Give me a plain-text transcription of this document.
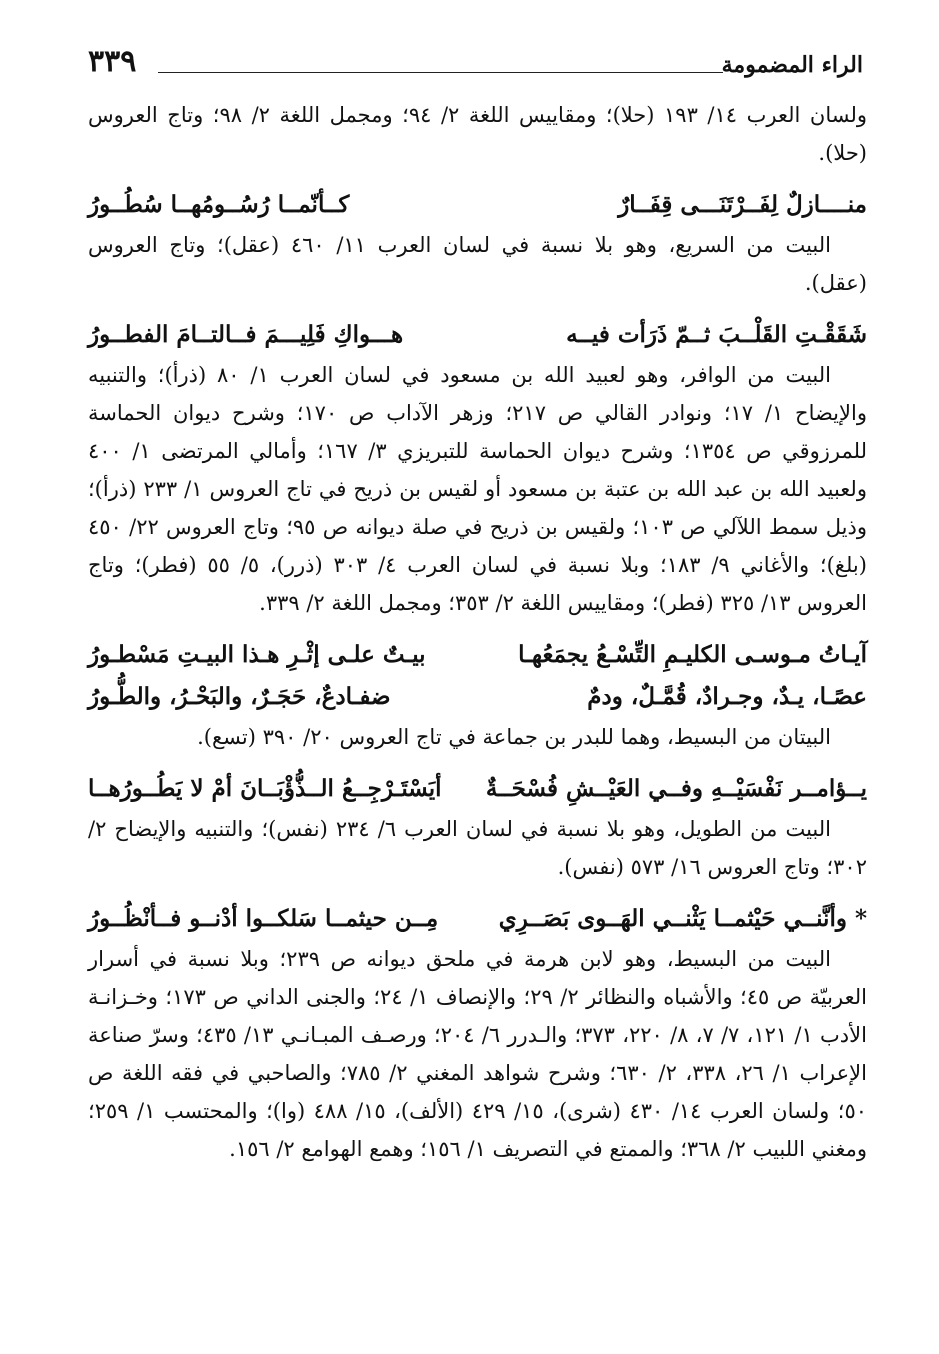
الراء المضمومة
٣٣٩

ولسان العرب ١٤/ ١٩٣ (حلا)؛ ومقاييس اللغة ٢/ ٩٤؛ ومجمل اللغة ٢/ ٩٨؛ وتاج العروس (حلا).

منــــازلٌ لِفَــرْتَنَـــى قِفَــارٌ
كــأنّمــا رُسُــومُهــا سُطُــورُ

البيت من السريع، وهو بلا نسبة في لسان العرب ١١/ ٤٦٠ (عقل)؛ وتاج العروس (عقل).

شَقَقْـتِ القَلْــبَ ثــمّ ذَرَأت فيــه
هـــواكِ فَلِيـــمَ فــالتــامَ الفطــورُ

البيت من الوافر، وهو لعبيد الله بن مسعود في لسان العرب ١/ ٨٠ (ذرأ)؛ والتنبيه والإيضاح ١/ ١٧؛ ونوادر القالي ص ٢١٧؛ وزهر الآداب ص ١٧٠؛ وشرح ديوان الحماسة للمرزوقي ص ١٣٥٤؛ وشرح ديوان الحماسة للتبريزي ٣/ ١٦٧؛ وأمالي المرتضى ١/ ٤٠٠ ولعبيد الله بن عبد الله بن عتبة بن مسعود أو لقيس بن ذريح في تاج العروس ١/ ٢٣٣ (ذرأ)؛ وذيل سمط اللآلي ص ١٠٣؛ ولقيس بن ذريح في صلة ديوانه ص ٩٥؛ وتاج العروس ٢٢/ ٤٥٠ (بلغ)؛ والأغاني ٩/ ١٨٣؛ وبلا نسبة في لسان العرب ٤/ ٣٠٣ (ذرر)، ٥/ ٥٥ (فطر)؛ وتاج العروس ١٣/ ٣٢٥ (فطر)؛ ومقاييس اللغة ٢/ ٣٥٣؛ ومجمل اللغة ٢/ ٣٣٩.

آيـاتُ مـوسـى الكليـمِ التِّسْـعُ يجمَعُهـا
بيـتٌ علـى إثْـرِ هـذا البيـتِ مَسْطـورُ
عصًـا، يـدٌ، وجـرادٌ، قُمَّـلٌ، ودمٌ
ضفـادعٌ، حَجَـرٌ، والبَحْـرُ، والطُّـورُ

البيتان من البسيط، وهما للبدر بن جماعة في تاج العروس ٢٠/ ٣٩٠ (تسع).

يــؤامــر نَفْسَيْــهِ وفــي العَيْــشِ فُسْحَــةٌ
أيَسْتَـرْجِــعُ الــذُّؤْبَــانَ أمْ لا يَطُــورُهــا

البيت من الطويل، وهو بلا نسبة في لسان العرب ٦/ ٢٣٤ (نفس)؛ والتنبيه والإيضاح ٢/ ٣٠٢؛ وتاج العروس ١٦/ ٥٧٣ (نفس).

* وأنَّنــي حَيْثمــا يَثْنــي الهَــوى بَصَــرِي
مِــن حيثمــا سَلكــوا أدْنــو فــأنْظُــورُ

البيت من البسيط، وهو لابن هرمة في ملحق ديوانه ص ٢٣٩؛ وبلا نسبة في أسرار العربيّة ص ٤٥؛ والأشباه والنظائر ٢/ ٢٩؛ والإنصاف ١/ ٢٤؛ والجنى الداني ص ١٧٣؛ وخـزانـة الأدب ١/ ١٢١، ٧/ ٧، ٨/ ٢٢٠، ٣٧٣؛ والـدرر ٦/ ٢٠٤؛ ورصـف المبـانـي ١٣/ ٤٣٥؛ وسرّ صناعة الإعراب ١/ ٢٦، ٣٣٨، ٢/ ٦٣٠؛ وشرح شواهد المغني ٢/ ٧٨٥؛ والصاحبي في فقه اللغة ص ٥٠؛ ولسان العرب ١٤/ ٤٣٠ (شرى)، ١٥/ ٤٢٩ (الألف)، ١٥/ ٤٨٨ (وا)؛ والمحتسب ١/ ٢٥٩؛ ومغني اللبيب ٢/ ٣٦٨؛ والممتع في التصريف ١/ ١٥٦؛ وهمع الهوامع ٢/ ١٥٦.
